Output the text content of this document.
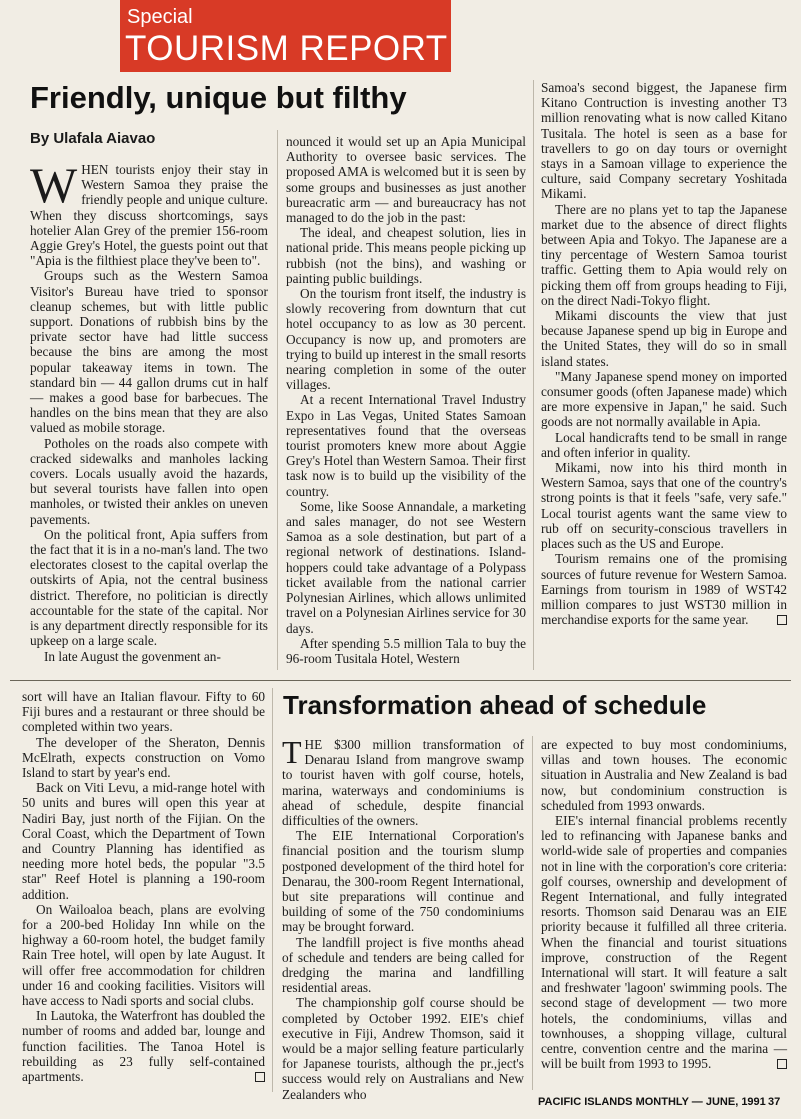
Special
TOURISM REPORT
Friendly, unique but filthy
By Ulafala Aiavao

WHEN tourists enjoy their stay in Western Samoa they praise the friendly people and unique culture. When they discuss shortcomings, says hotelier Alan Grey of the premier 156-room Aggie Grey's Hotel, the guests point out that "Apia is the filthiest place they've been to".

Groups such as the Western Samoa Visitor's Bureau have tried to sponsor cleanup schemes, but with little public support. Donations of rubbish bins by the private sector have had little success because the bins are among the most popular takeaway items in town. The standard bin — 44 gallon drums cut in half — makes a good base for barbecues. The handles on the bins mean that they are also valued as mobile storage.

Potholes on the roads also compete with cracked sidewalks and manholes lacking covers. Locals usually avoid the hazards, but several tourists have fallen into open manholes, or twisted their ankles on uneven pavements.

On the political front, Apia suffers from the fact that it is in a no-man's land. The two electorates closest to the capital overlap the outskirts of Apia, not the central business district. Therefore, no politician is directly accountable for the state of the capital. Nor is any department directly responsible for its upkeep on a large scale.

In late August the govenment an-

nounced it would set up an Apia Municipal Authority to oversee basic services. The proposed AMA is welcomed but it is seen by some groups and businesses as just another bureacratic arm — and bureaucracy has not managed to do the job in the past:

The ideal, and cheapest solution, lies in national pride. This means people picking up rubbish (not the bins), and washing or painting public buildings.

On the tourism front itself, the industry is slowly recovering from downturn that cut hotel occupancy to as low as 30 percent. Occupancy is now up, and promoters are trying to build up interest in the small resorts nearing completion in some of the outer villages.

At a recent International Travel Industry Expo in Las Vegas, United States Samoan representatives found that the overseas tourist promoters knew more about Aggie Grey's Hotel than Western Samoa. Their first task now is to build up the visibility of the country.

Some, like Soose Annandale, a marketing and sales manager, do not see Western Samoa as a sole destination, but part of a regional network of destinations. Island-hoppers could take advantage of a Polypass ticket available from the national carrier Polynesian Airlines, which allows unlimited travel on a Polynesian Airlines service for 30 days.

After spending 5.5 million Tala to buy the 96-room Tusitala Hotel, Western

Samoa's second biggest, the Japanese firm Kitano Contruction is investing another T3 million renovating what is now called Kitano Tusitala. The hotel is seen as a base for travellers to go on day tours or overnight stays in a Samoan village to experience the culture, said Company secretary Yoshitada Mikami.

There are no plans yet to tap the Japanese market due to the absence of direct flights between Apia and Tokyo. The Japanese are a tiny percentage of Western Samoa tourist traffic. Getting them to Apia would rely on picking them off from groups heading to Fiji, on the direct Nadi-Tokyo flight.

Mikami discounts the view that just because Japanese spend up big in Europe and the United States, they will do so in small island states.

"Many Japanese spend money on imported consumer goods (often Japanese made) which are more expensive in Japan," he said. Such goods are not normally available in Apia.

Local handicrafts tend to be small in range and often inferior in quality.

Mikami, now into his third month in Western Samoa, says that one of the country's strong points is that it feels "safe, very safe." Local tourist agents want the same view to rub off on security-conscious travellers in places such as the US and Europe.

Tourism remains one of the promising sources of future revenue for Western Samoa. Earnings from tourism in 1989 of WST42 million compares to just WST30 million in merchandise exports for the same year.

sort will have an Italian flavour. Fifty to 60 Fiji bures and a restaurant or three should be completed within two years.

The developer of the Sheraton, Dennis McElrath, expects construction on Vomo Island to start by year's end.

Back on Viti Levu, a mid-range hotel with 50 units and bures will open this year at Nadiri Bay, just north of the Fijian. On the Coral Coast, which the Department of Town and Country Planning has identified as needing more hotel beds, the popular "3.5 star" Reef Hotel is planning a 190-room addition.

On Wailoaloa beach, plans are evolving for a 200-bed Holiday Inn while on the highway a 60-room hotel, the budget family Rain Tree hotel, will open by late August. It will offer free accommodation for children under 16 and cooking facilities. Visitors will have access to Nadi sports and social clubs.

In Lautoka, the Waterfront has doubled the number of rooms and added bar, lounge and function facilities. The Tanoa Hotel is rebuilding as 23 fully self-contained apartments.

Transformation ahead of schedule

THE $300 million transformation of Denarau Island from mangrove swamp to tourist haven with golf course, hotels, marina, waterways and condominiums is ahead of schedule, despite financial difficulties of the owners.

The EIE International Corporation's financial position and the tourism slump postponed development of the third hotel for Denarau, the 300-room Regent International, but site preparations will continue and building of some of the 750 condominiums may be brought forward.

The landfill project is five months ahead of schedule and tenders are being called for dredging the marina and landfilling residential areas.

The championship golf course should be completed by October 1992. EIE's chief executive in Fiji, Andrew Thomson, said it would be a major selling feature particularly for Japanese tourists, although the pr.,ject's success would rely on Australians and New Zealanders who

are expected to buy most condominiums, villas and town houses. The economic situation in Australia and New Zealand is bad now, but condominium construction is scheduled from 1993 onwards.

EIE's internal financial problems recently led to refinancing with Japanese banks and world-wide sale of properties and companies not in line with the corporation's core criteria: golf courses, ownership and development of Regent International, and fully integrated resorts. Thomson said Denarau was an EIE priority because it fulfilled all three criteria. When the financial and tourist situations improve, construction of the Regent International will start. It will feature a salt and freshwater 'lagoon' swimming pools. The second stage of development — two more hotels, the condominiums, villas and townhouses, a shopping village, cultural centre, convention centre and the marina — will be built from 1993 to 1995.

PACIFIC ISLANDS MONTHLY — JUNE, 1991 37
